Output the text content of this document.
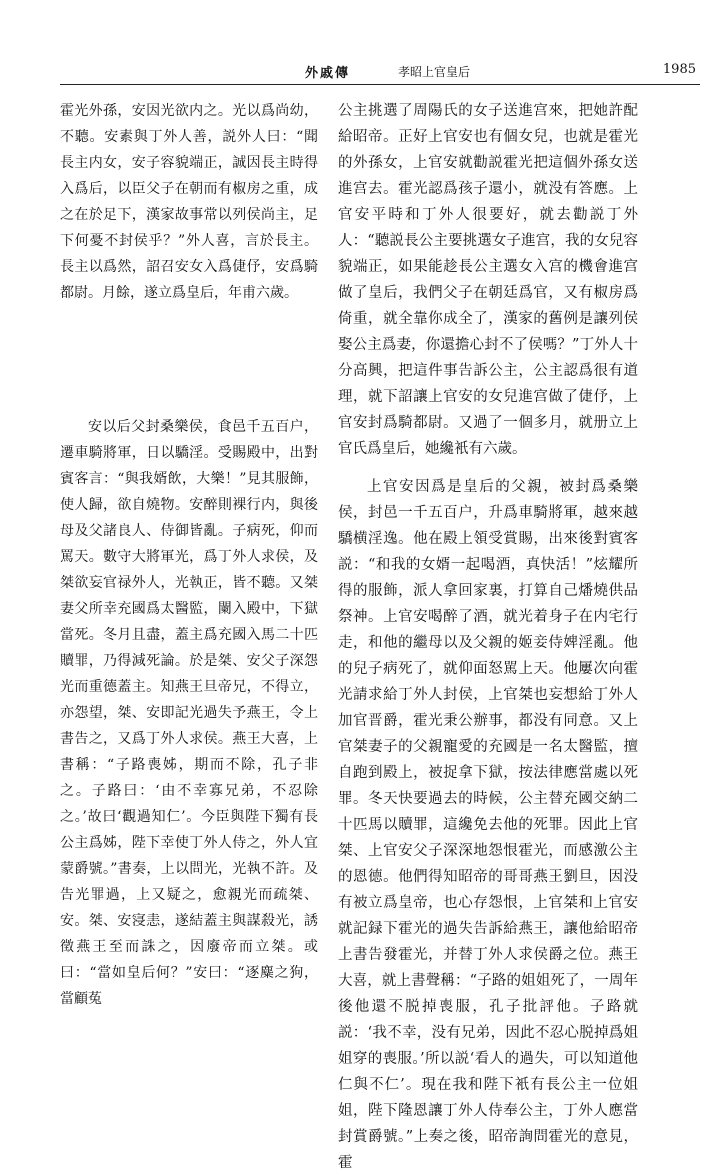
外戚傳	孝昭上官皇后	1985

霍光外孫，安因光欲内之。光以爲尚幼，不聽。安素與丁外人善，説外人曰：“聞長主内女，安子容貌端正，誠因長主時得入爲后，以臣父子在朝而有椒房之重，成之在於足下，漢家故事常以列侯尚主，足下何憂不封侯乎？”外人喜，言於長主。長主以爲然，詔召安女入爲倢伃，安爲騎都尉。月餘，遂立爲皇后，年甫六歲。

安以后父封桑樂侯，食邑千五百户，遷車騎將軍，日以驕淫。受賜殿中，出對賓客言：“與我婿飲，大樂！”見其服飾，使人歸，欲自燒物。安醉則裸行内，與後母及父諸良人、侍御皆亂。子病死，仰而罵天。數守大將軍光，爲丁外人求侯，及桀欲妄官禄外人，光執正，皆不聽。又桀妻父所幸充國爲太醫監，闌入殿中，下獄當死。冬月且盡，蓋主爲充國入馬二十匹贖罪，乃得減死論。於是桀、安父子深怨光而重德蓋主。知燕王旦帝兄，不得立，亦怨望，桀、安即記光過失予燕王，令上書告之，又爲丁外人求侯。燕王大喜，上書稱：“子路喪姊，期而不除，孔子非之。子路曰：‘由不幸寡兄弟，不忍除之。’故曰‘觀過知仁’。今臣與陛下獨有長公主爲姊，陛下幸使丁外人侍之，外人宜蒙爵號。”書奏，上以問光，光執不許。及告光罪過，上又疑之，愈親光而疏桀、安。桀、安寖恚，遂結蓋主與謀殺光，誘徵燕王至而誅之，因廢帝而立桀。或曰：“當如皇后何？”安曰：“逐麋之狗，當顧菟

公主挑選了周陽氏的女子送進宫來，把她許配給昭帝。正好上官安也有個女兒，也就是霍光的外孫女，上官安就勸説霍光把這個外孫女送進宫去。霍光認爲孩子還小，就没有答應。上官安平時和丁外人很要好，就去勸説丁外人：“聽説長公主要挑選女子進宫，我的女兒容貌端正，如果能趁長公主選女入宫的機會進宫做了皇后，我們父子在朝廷爲官，又有椒房爲倚重，就全靠你成全了，漢家的舊例是讓列侯娶公主爲妻，你還擔心封不了侯嗎？”丁外人十分高興，把這件事告訴公主，公主認爲很有道理，就下詔讓上官安的女兒進宫做了倢伃，上官安封爲騎都尉。又過了一個多月，就册立上官氏爲皇后，她纔衹有六歲。

上官安因爲是皇后的父親，被封爲桑樂侯，封邑一千五百户，升爲車騎將軍，越來越驕横淫逸。他在殿上領受賞賜，出來後對賓客説：“和我的女婿一起喝酒，真快活！”炫耀所得的服飾，派人拿回家裏，打算自己燔燒供品祭神。上官安喝醉了酒，就光着身子在内宅行走，和他的繼母以及父親的姬妾侍婢淫亂。他的兒子病死了，就仰面怒駡上天。他屢次向霍光請求給丁外人封侯，上官桀也妄想給丁外人加官晋爵，霍光秉公辦事，都没有同意。又上官桀妻子的父親寵愛的充國是一名太醫監，擅自跑到殿上，被捉拿下獄，按法律應當處以死罪。冬天快要過去的時候，公主替充國交納二十匹馬以贖罪，這纔免去他的死罪。因此上官桀、上官安父子深深地怨恨霍光，而感激公主的恩德。他們得知昭帝的哥哥燕王劉旦，因没有被立爲皇帝，也心存怨恨，上官桀和上官安就記録下霍光的過失告訴給燕王，讓他給昭帝上書告發霍光，并替丁外人求侯爵之位。燕王大喜，就上書聲稱：“子路的姐姐死了，一周年後他還不脱掉喪服，孔子批評他。子路就説：‘我不幸，没有兄弟，因此不忍心脱掉爲姐姐穿的喪服。’所以説‘看人的過失，可以知道他仁與不仁’。現在我和陛下衹有長公主一位姐姐，陛下隆恩讓丁外人侍奉公主，丁外人應當封賞爵號。”上奏之後，昭帝詢問霍光的意見，霍
